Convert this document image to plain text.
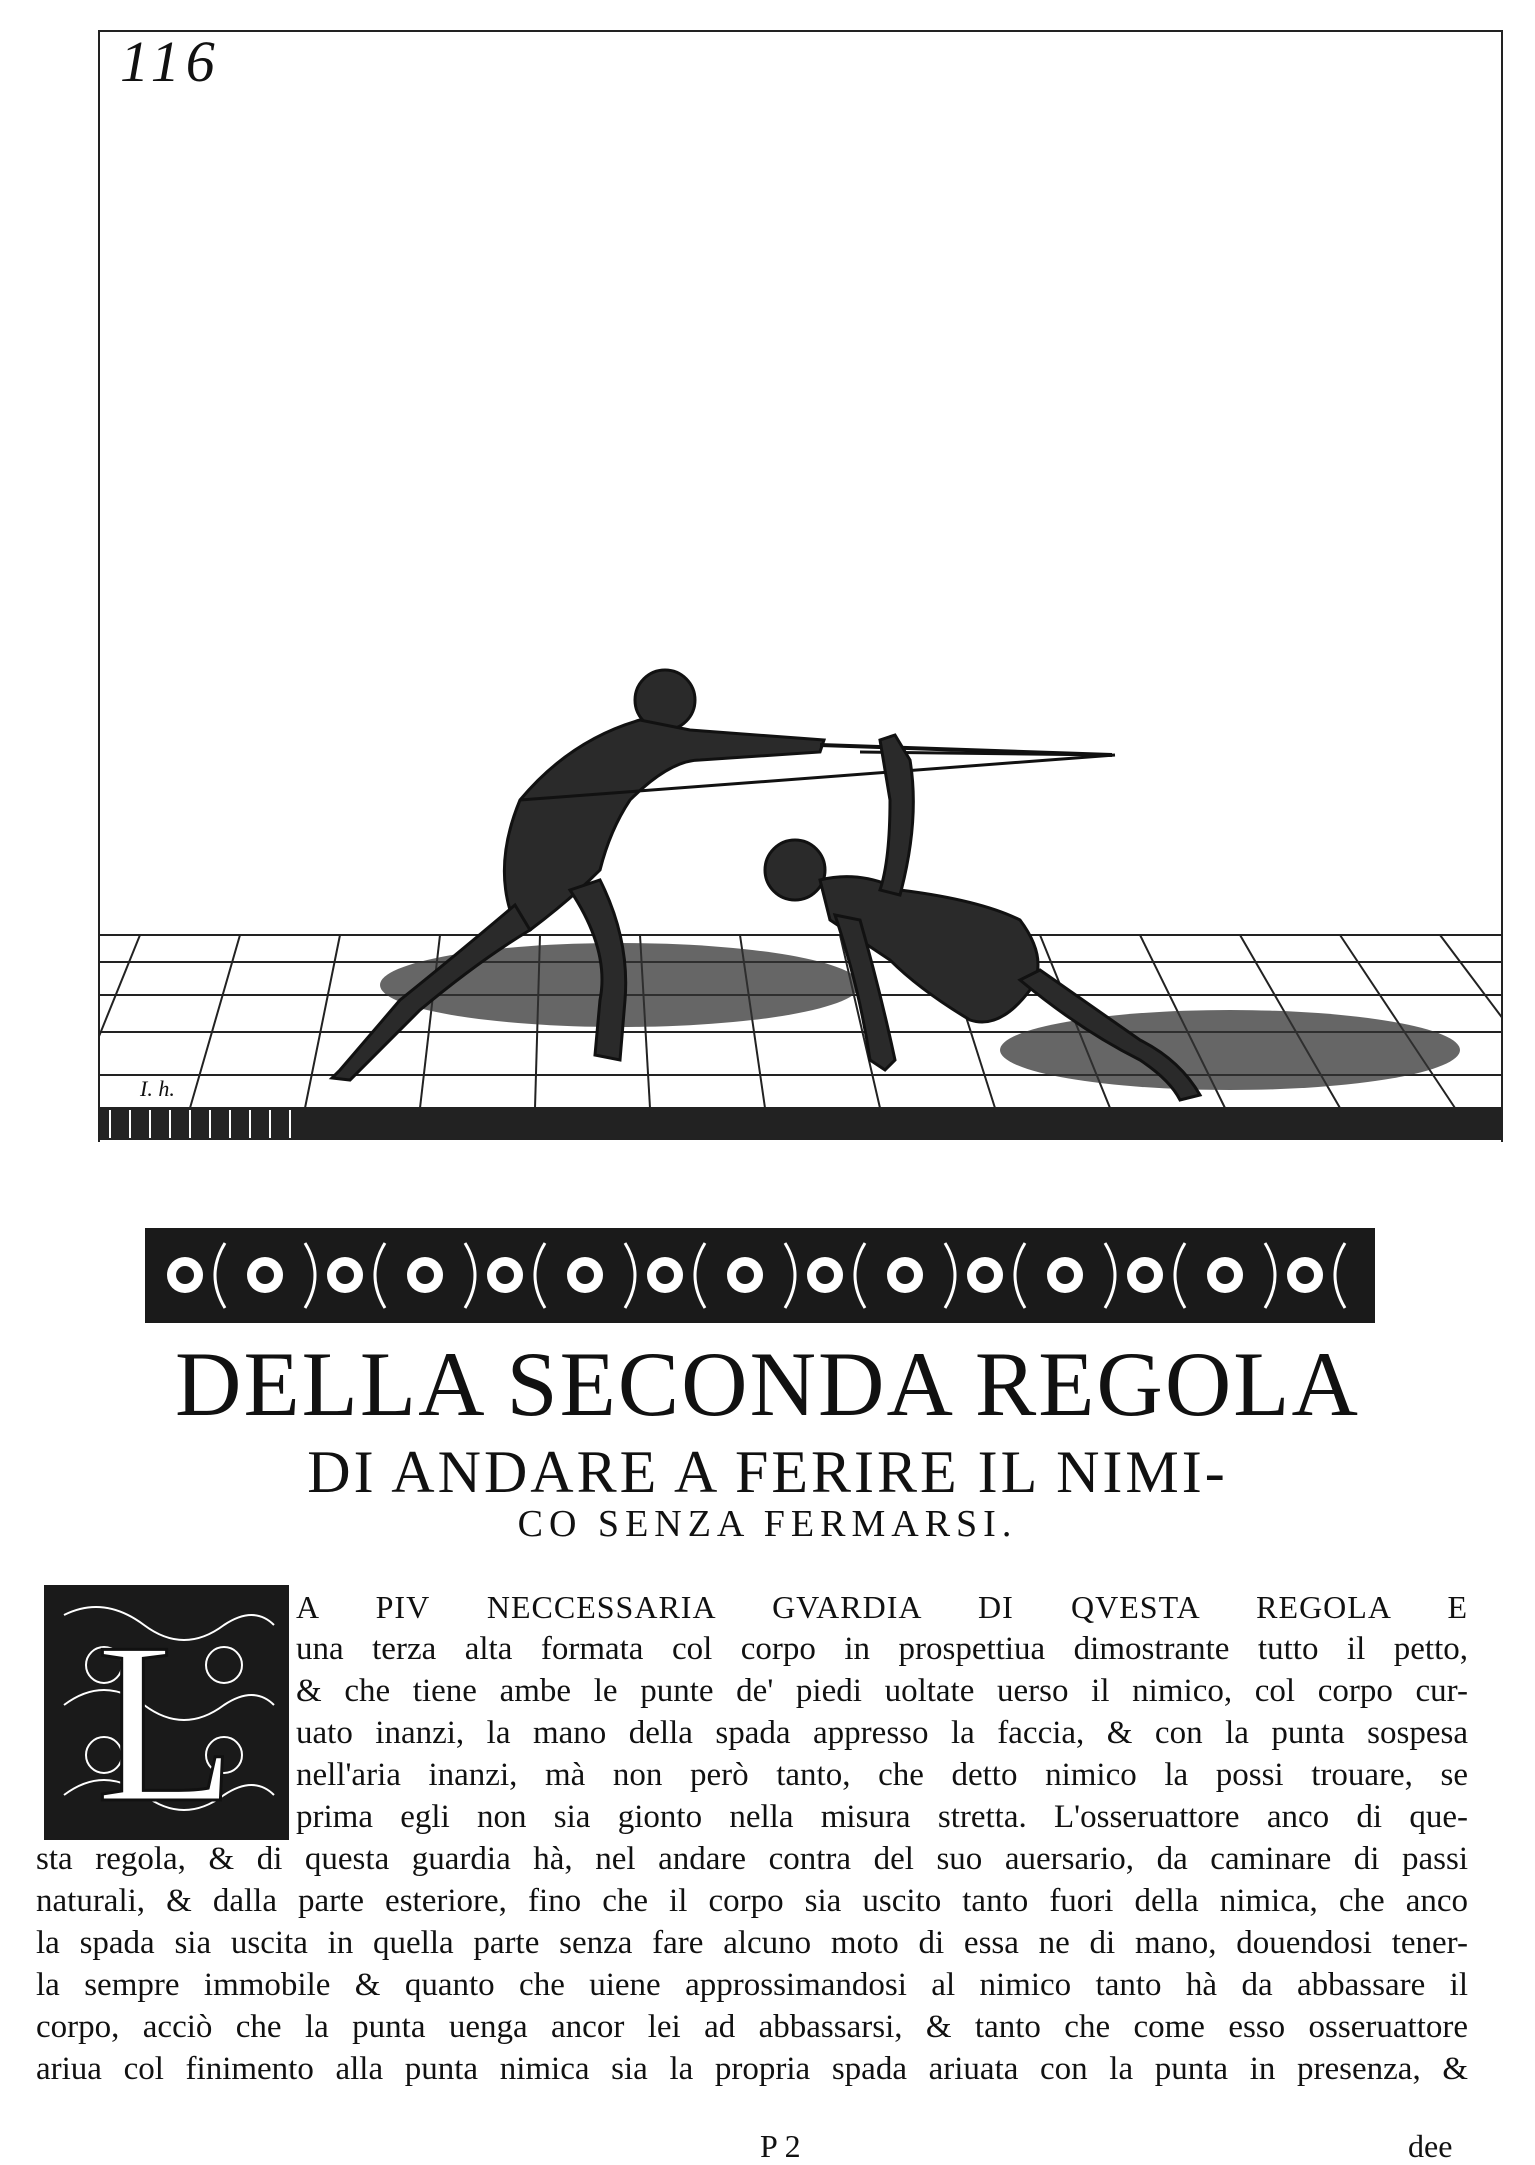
116
I. h.
DELLA SECONDA REGOLA
DI ANDARE A FERIRE IL NIMI-
CO SENZA FERMARSI.
L A PIV NECCESSARIA GVARDIA DI QVESTA REGOLA E
una terza alta formata col corpo in prospettiua dimostrante tutto il petto,
& che tiene ambe le punte de' piedi uoltate uerso il nimico, col corpo cur-
uato inanzi, la mano della spada appresso la faccia, & con la punta sospesa
nell'aria inanzi, mà non però tanto, che detto nimico la possi trouare, se
prima egli non sia gionto nella misura stretta. L'osseruattore anco di que-
sta regola, & di questa guardia hà, nel andare contra del suo auersario, da caminare di passi
naturali, & dalla parte esteriore, fino che il corpo sia uscito tanto fuori della nimica, che anco
la spada sia uscita in quella parte senza fare alcuno moto di essa ne di mano, douendosi tener-
la sempre immobile & quanto che uiene approssimandosi al nimico tanto hà da abbassare il
corpo, acciò che la punta uenga ancor lei ad abbassarsi, & tanto che come esso osseruattore
ariua col finimento alla punta nimica sia la propria spada ariuata con la punta in presenza, &
P 2	dee
